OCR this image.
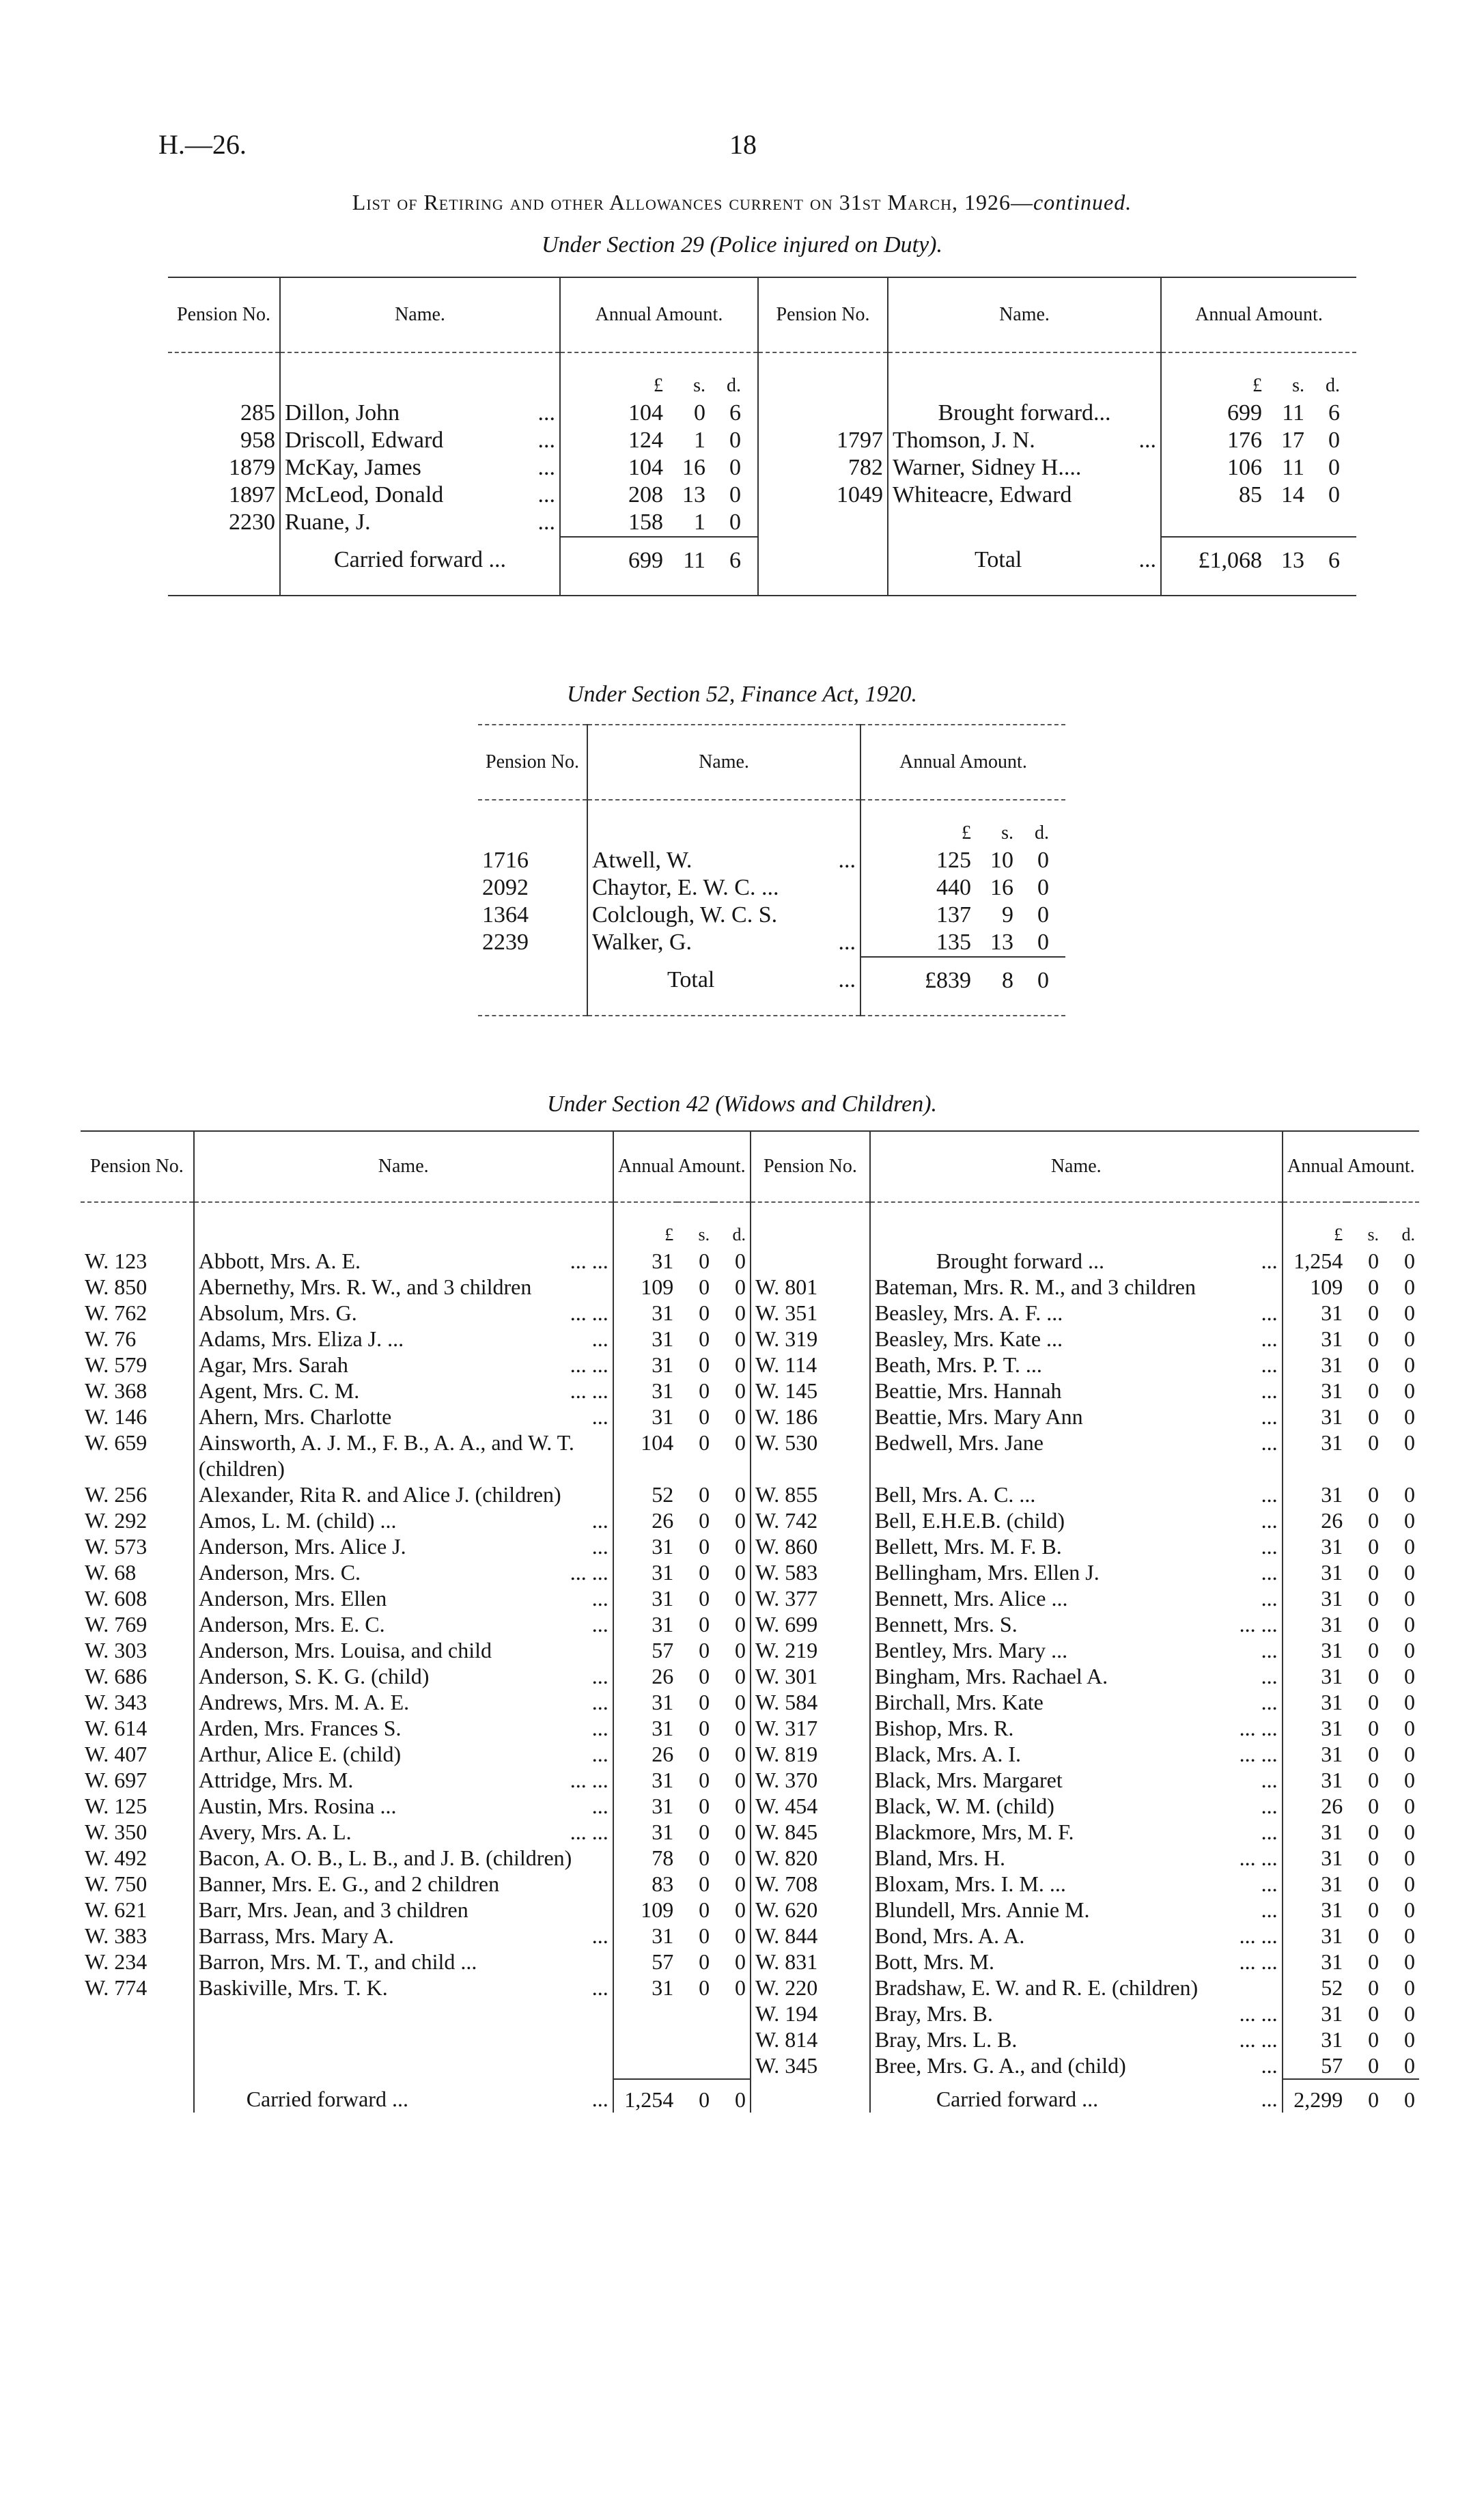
H.—26.	18
List of Retiring and other Allowances current on 31st March, 1926—continued.
Under Section 29 (Police injured on Duty).
Pension No.	Name.	Annual Amount.	Pension No.	Name.	Annual Amount.

		£ s. d.			£ s. d.

285	Dillon, John ...	104 0 6		Brought forward...	699 11 6

958	Driscoll, Edward ...	124 1 0	1797	Thomson, J. N. ...	176 17 0

1879	McKay, James ...	104 16 0	782	Warner, Sidney H....	106 11 0

1897	McLeod, Donald ...	208 13 0	1049	Whiteacre, Edward	85 14 0

2230	Ruane, J. ...	158 1 0			

	Carried forward ...	699 11 6		Total ...	£1,068 13 6

Under Section 52, Finance Act, 1920.
Pension No.	Name.	Annual Amount.

		£ s. d.

1716	Atwell, W. ...	125 10 0

2092	Chaytor, E. W. C. ...	440 16 0

1364	Colclough, W. C. S.	137 9 0

2239	Walker, G. ...	135 13 0

	Total ...	£839 8 0

Under Section 42 (Widows and Children).
Pension No.	Name.	Annual Amount.			Pension No.	Name.	Annual Amount.		

		£	s.	d.			£	s.	d.
W. 123	Abbott, Mrs. A. E. ... ...	31	0	0		Brought forward ... ...	1,254	0	0
W. 850	Abernethy, Mrs. R. W., and 3 children	109	0	0	W. 801	Bateman, Mrs. R. M., and 3 children	109	0	0
W. 762	Absolum, Mrs. G. ... ...	31	0	0	W. 351	Beasley, Mrs. A. F. ... ...	31	0	0
W. 76	Adams, Mrs. Eliza J. ... ...	31	0	0	W. 319	Beasley, Mrs. Kate ... ...	31	0	0
W. 579	Agar, Mrs. Sarah ... ...	31	0	0	W. 114	Beath, Mrs. P. T. ... ...	31	0	0
W. 368	Agent, Mrs. C. M. ... ...	31	0	0	W. 145	Beattie, Mrs. Hannah ...	31	0	0
W. 146	Ahern, Mrs. Charlotte ...	31	0	0	W. 186	Beattie, Mrs. Mary Ann ...	31	0	0
W. 659	Ainsworth, A. J. M., F. B., A. A., and W. T. (children)	104	0	0	W. 530	Bedwell, Mrs. Jane ...	31	0	0
W. 256	Alexander, Rita R. and Alice J. (children)	52	0	0	W. 855	Bell, Mrs. A. C. ... ...	31	0	0
W. 292	Amos, L. M. (child) ... ...	26	0	0	W. 742	Bell, E.H.E.B. (child) ...	26	0	0
W. 573	Anderson, Mrs. Alice J. ...	31	0	0	W. 860	Bellett, Mrs. M. F. B. ...	31	0	0
W. 68	Anderson, Mrs. C. ... ...	31	0	0	W. 583	Bellingham, Mrs. Ellen J. ...	31	0	0
W. 608	Anderson, Mrs. Ellen ...	31	0	0	W. 377	Bennett, Mrs. Alice ... ...	31	0	0
W. 769	Anderson, Mrs. E. C. ...	31	0	0	W. 699	Bennett, Mrs. S. ... ...	31	0	0
W. 303	Anderson, Mrs. Louisa, and child	57	0	0	W. 219	Bentley, Mrs. Mary ... ...	31	0	0
W. 686	Anderson, S. K. G. (child) ...	26	0	0	W. 301	Bingham, Mrs. Rachael A. ...	31	0	0
W. 343	Andrews, Mrs. M. A. E. ...	31	0	0	W. 584	Birchall, Mrs. Kate ...	31	0	0
W. 614	Arden, Mrs. Frances S. ...	31	0	0	W. 317	Bishop, Mrs. R. ... ...	31	0	0
W. 407	Arthur, Alice E. (child) ...	26	0	0	W. 819	Black, Mrs. A. I. ... ...	31	0	0
W. 697	Attridge, Mrs. M. ... ...	31	0	0	W. 370	Black, Mrs. Margaret ...	31	0	0
W. 125	Austin, Mrs. Rosina ... ...	31	0	0	W. 454	Black, W. M. (child) ...	26	0	0
W. 350	Avery, Mrs. A. L. ... ...	31	0	0	W. 845	Blackmore, Mrs, M. F. ...	31	0	0
W. 492	Bacon, A. O. B., L. B., and J. B. (children)	78	0	0	W. 820	Bland, Mrs. H. ... ...	31	0	0
W. 750	Banner, Mrs. E. G., and 2 children	83	0	0	W. 708	Bloxam, Mrs. I. M. ... ...	31	0	0
W. 621	Barr, Mrs. Jean, and 3 children	109	0	0	W. 620	Blundell, Mrs. Annie M. ...	31	0	0
W. 383	Barrass, Mrs. Mary A. ...	31	0	0	W. 844	Bond, Mrs. A. A. ... ...	31	0	0
W. 234	Barron, Mrs. M. T., and child ...	57	0	0	W. 831	Bott, Mrs. M. ... ...	31	0	0
W. 774	Baskiville, Mrs. T. K. ...	31	0	0	W. 220	Bradshaw, E. W. and R. E. (children)	52	0	0
					W. 194	Bray, Mrs. B. ... ...	31	0	0
					W. 814	Bray, Mrs. L. B. ... ...	31	0	0
					W. 345	Bree, Mrs. G. A., and (child) ...	57	0	0
	Carried forward ... ...	1,254	0	0		Carried forward ... ...	2,299	0	0
